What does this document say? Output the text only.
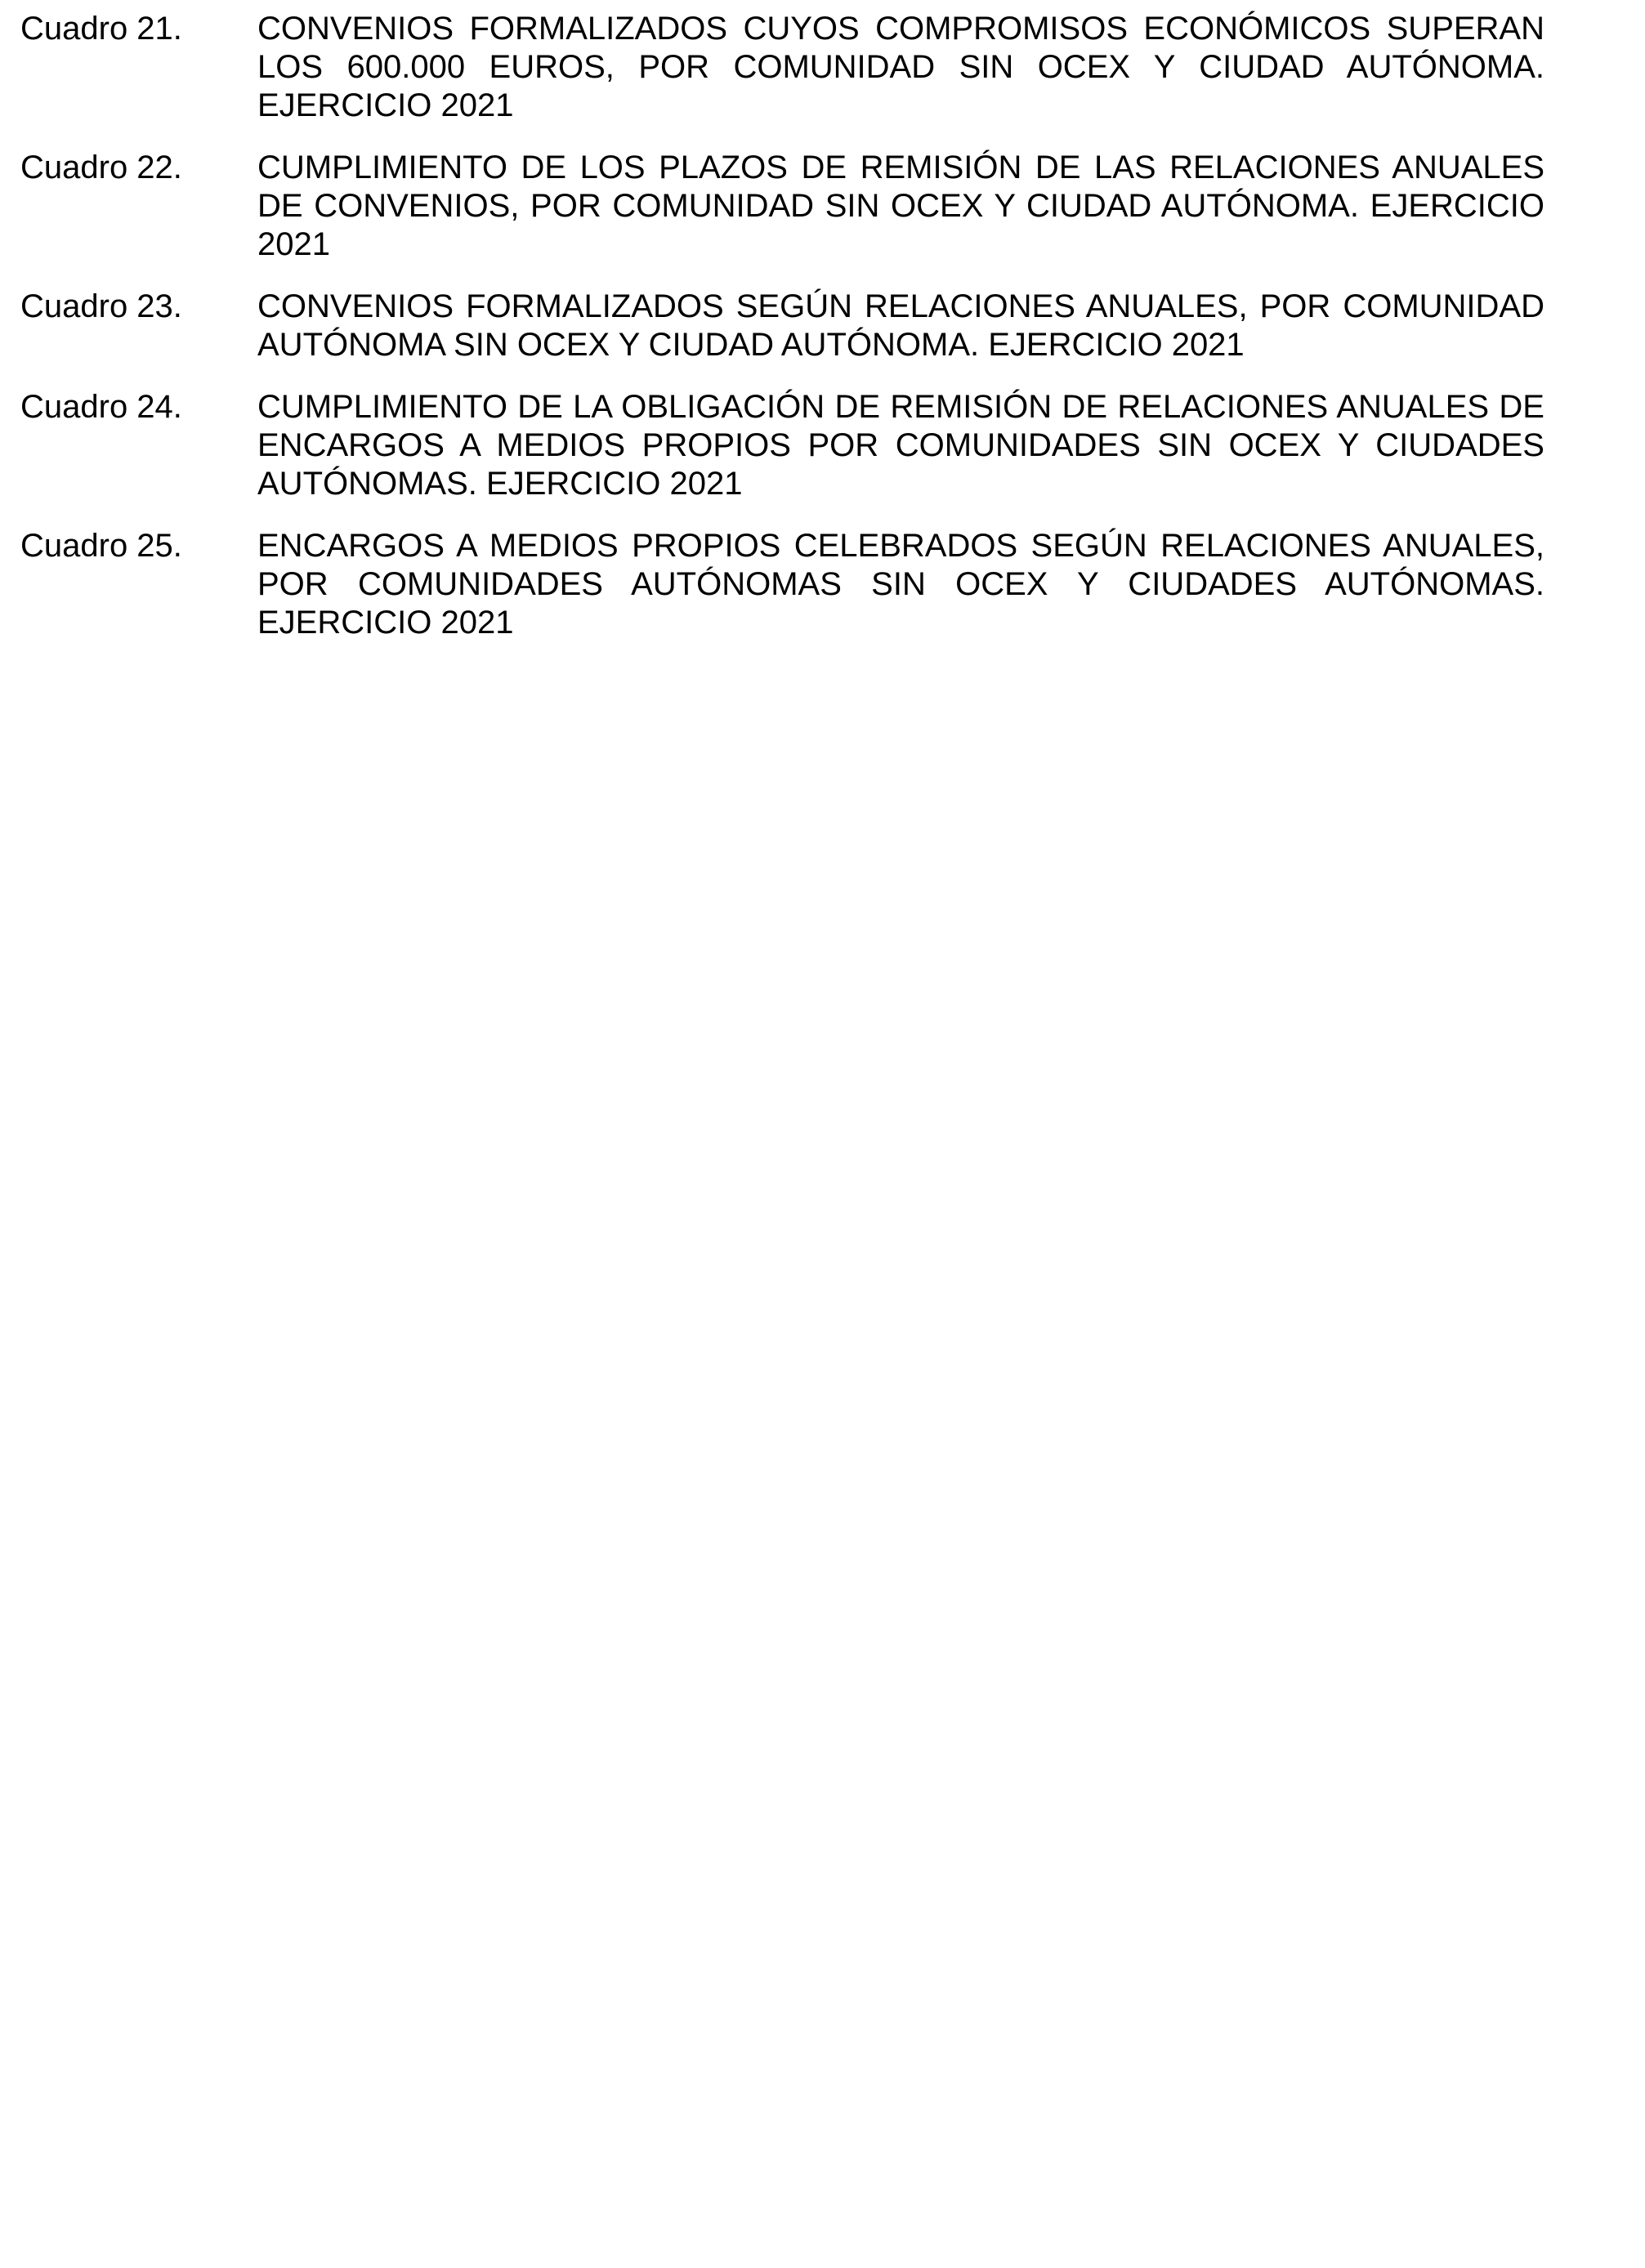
Cuadro 21.	CONVENIOS FORMALIZADOS CUYOS COMPROMISOS ECONÓMICOS SUPERAN LOS 600.000 EUROS, POR COMUNIDAD SIN OCEX Y CIUDAD AUTÓNOMA. EJERCICIO 2021
Cuadro 22.	CUMPLIMIENTO DE LOS PLAZOS DE REMISIÓN DE LAS RELACIONES ANUALES DE CONVENIOS, POR COMUNIDAD SIN OCEX Y CIUDAD AUTÓNOMA. EJERCICIO 2021
Cuadro 23.	CONVENIOS FORMALIZADOS SEGÚN RELACIONES ANUALES, POR COMUNIDAD AUTÓNOMA SIN OCEX Y CIUDAD AUTÓNOMA. EJERCICIO 2021
Cuadro 24.	CUMPLIMIENTO DE LA OBLIGACIÓN DE REMISIÓN DE RELACIONES ANUALES DE ENCARGOS A MEDIOS PROPIOS POR COMUNIDADES SIN OCEX Y CIUDADES AUTÓNOMAS. EJERCICIO 2021
Cuadro 25.	ENCARGOS A MEDIOS PROPIOS CELEBRADOS SEGÚN RELACIONES ANUALES, POR COMUNIDADES AUTÓNOMAS SIN OCEX Y CIUDADES AUTÓNOMAS. EJERCICIO 2021
